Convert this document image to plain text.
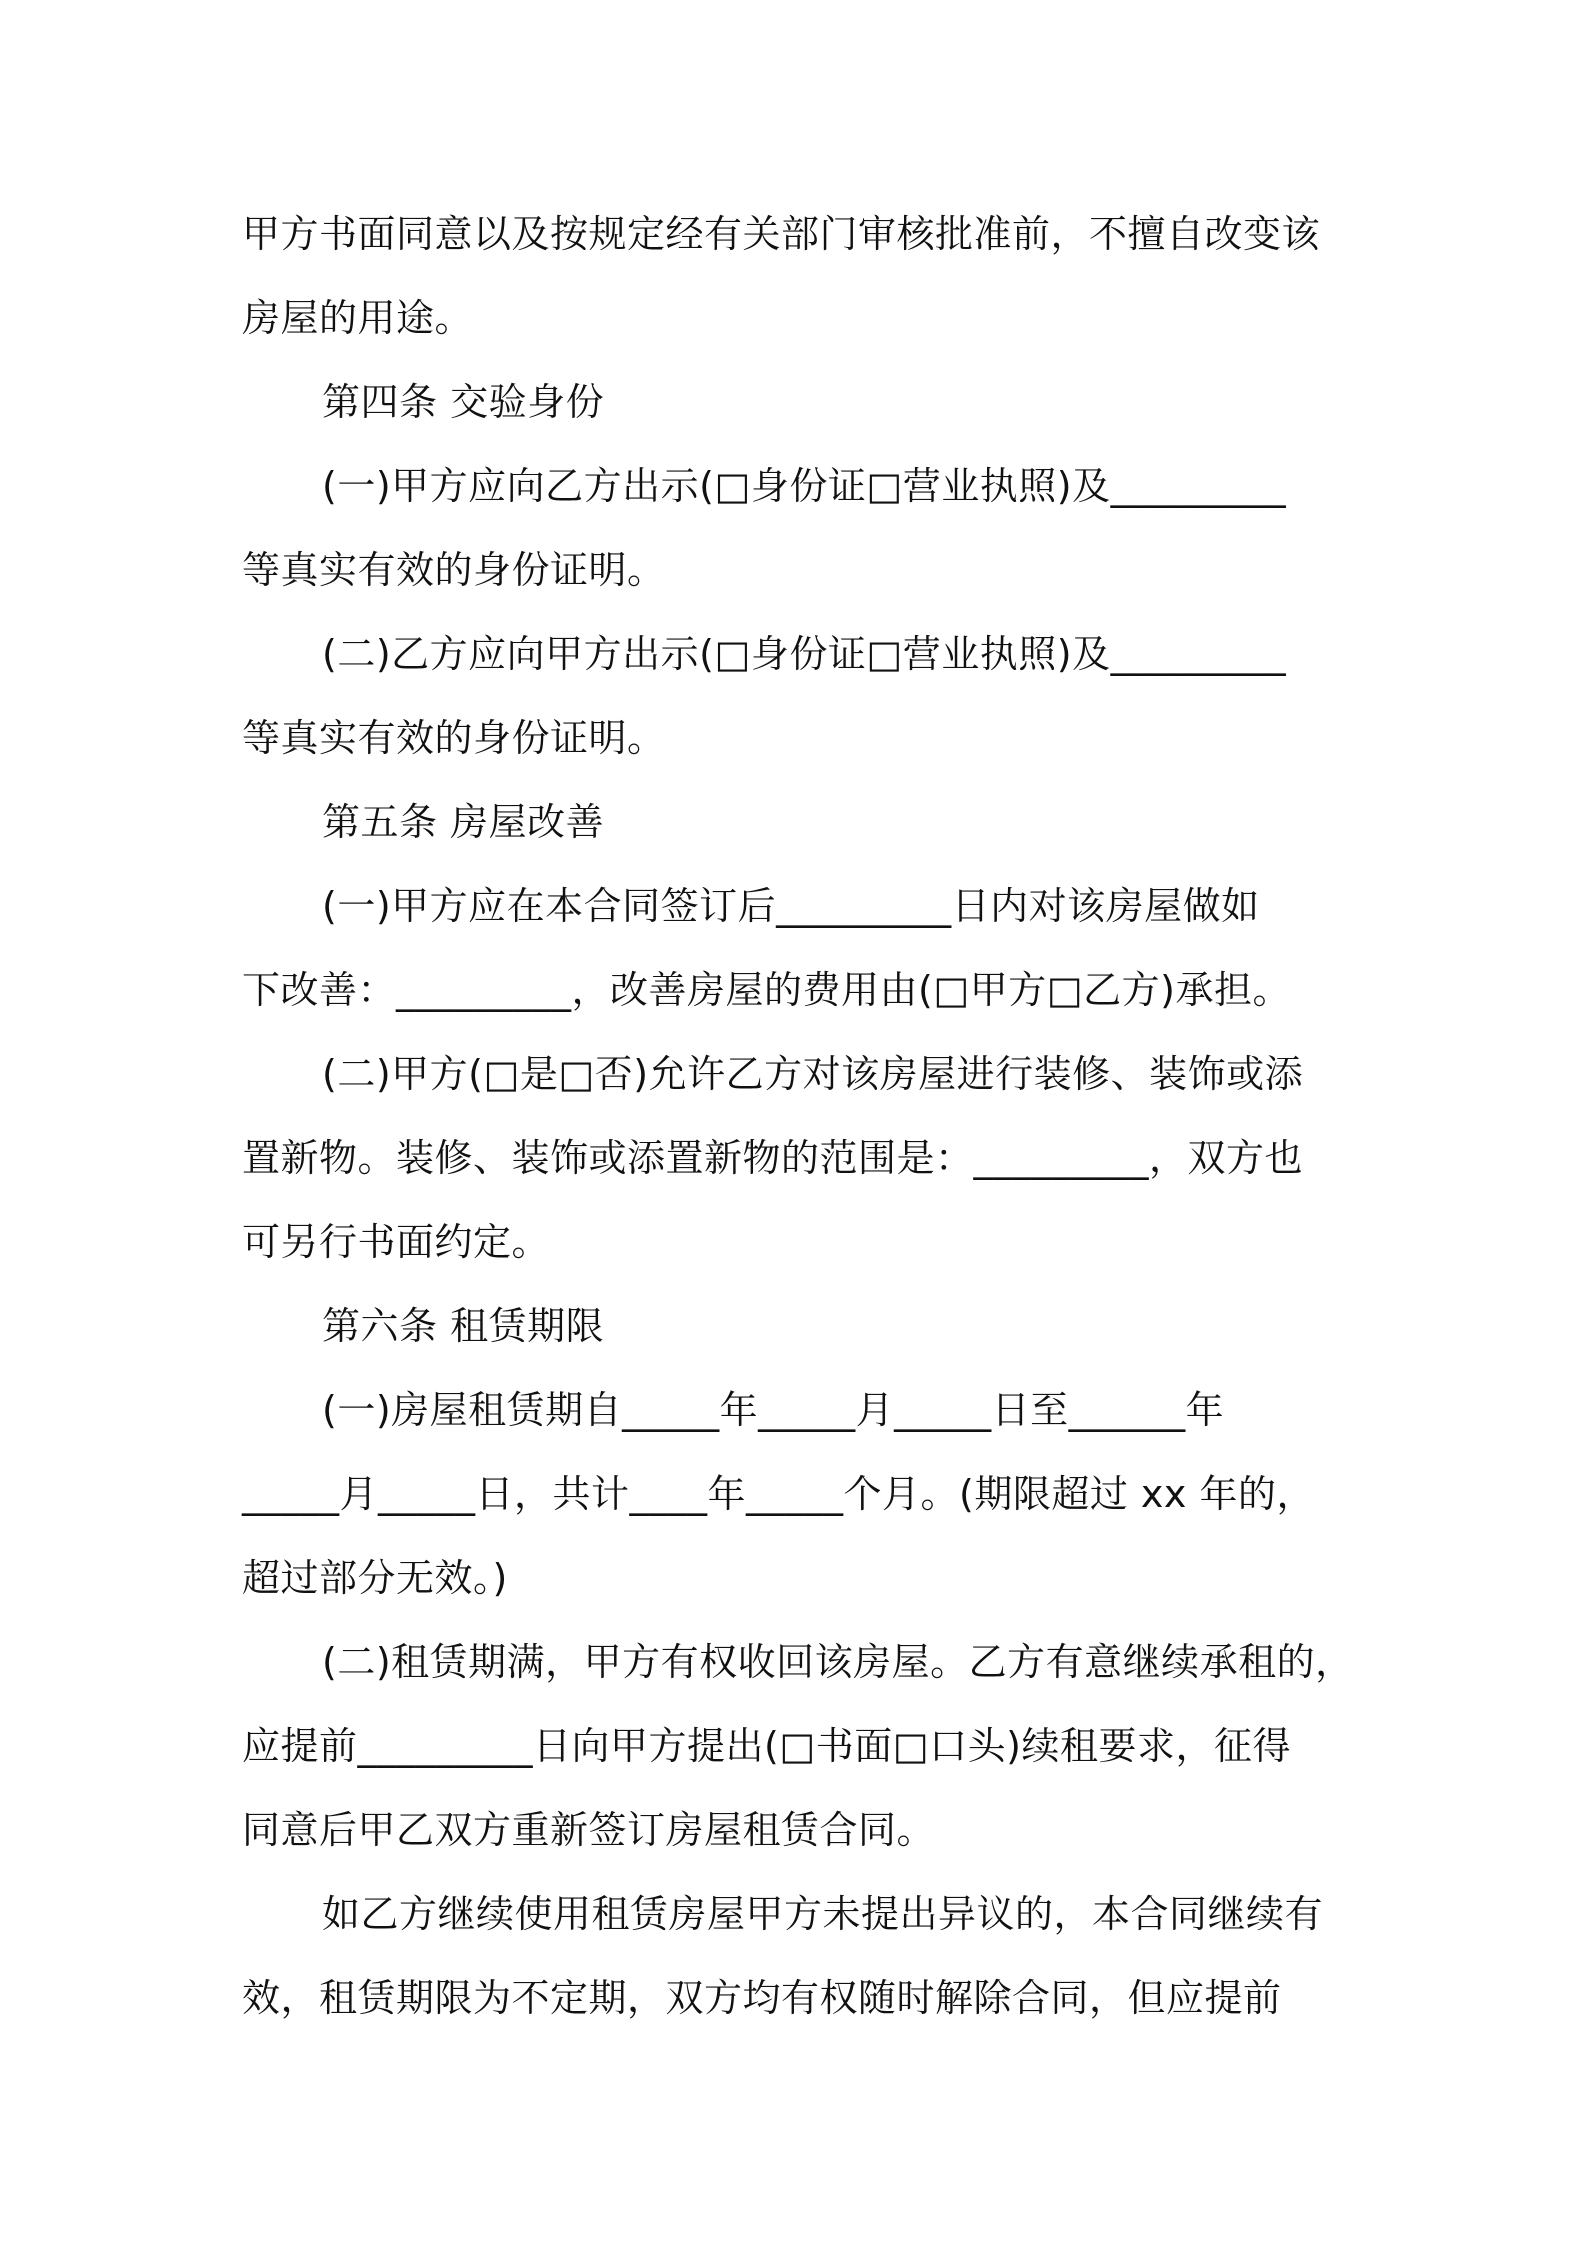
甲方书面同意以及按规定经有关部门审核批准前，不擅自改变该
房屋的用途。
第四条 交验身份
(一)甲方应向乙方出示(□身份证□营业执照)及_________
等真实有效的身份证明。
(二)乙方应向甲方出示(□身份证□营业执照)及_________
等真实有效的身份证明。
第五条 房屋改善
(一)甲方应在本合同签订后_________日内对该房屋做如
下改善：_________，改善房屋的费用由(□甲方□乙方)承担。
(二)甲方(□是□否)允许乙方对该房屋进行装修、装饰或添
置新物。装修、装饰或添置新物的范围是：_________，双方也
可另行书面约定。
第六条 租赁期限
(一)房屋租赁期自_____年_____月_____日至______年
_____月_____日，共计____年_____个月。(期限超过 xx 年的，
超过部分无效。)
(二)租赁期满，甲方有权收回该房屋。乙方有意继续承租的，
应提前_________日向甲方提出(□书面□口头)续租要求，征得
同意后甲乙双方重新签订房屋租赁合同。
如乙方继续使用租赁房屋甲方未提出异议的，本合同继续有
效，租赁期限为不定期，双方均有权随时解除合同，但应提前
